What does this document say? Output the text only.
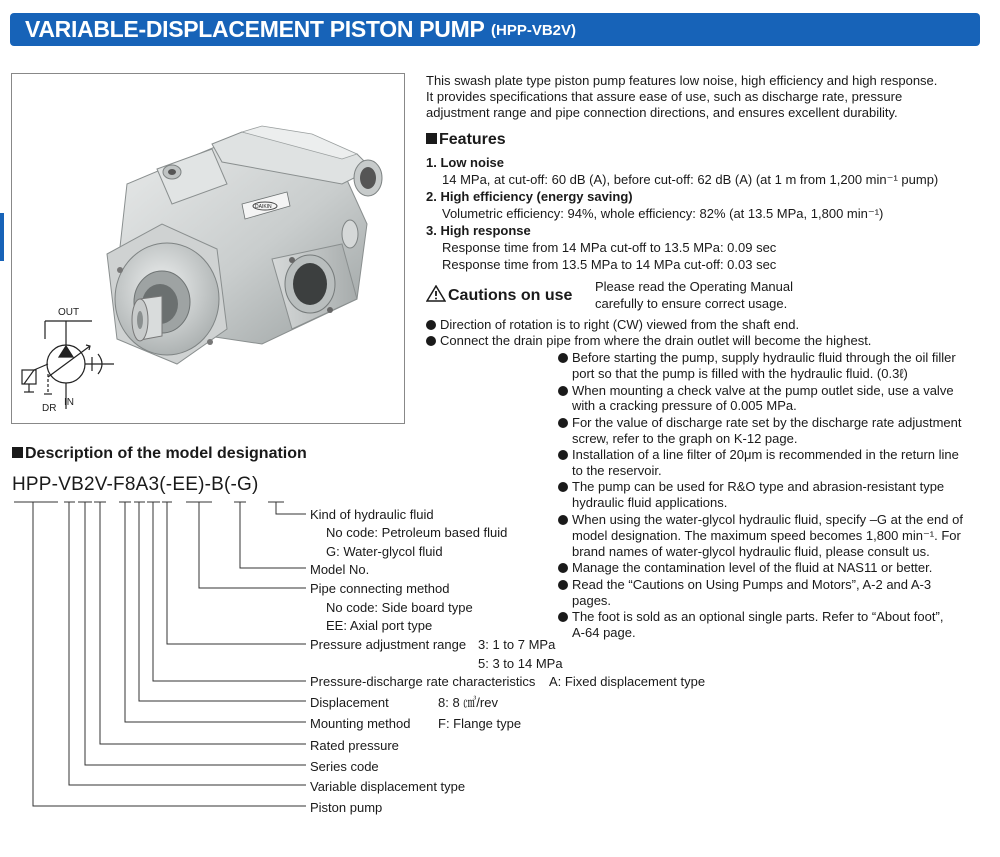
VARIABLE-DISPLACEMENT PISTON PUMP (HPP-VB2V)
OUT
IN
DR
DAIKIN
This swash plate type piston pump features low noise, high efficiency and high response.
It provides specifications that assure ease of use, such as discharge rate, pressure
adjustment range and pipe connection directions, and ensures excellent durability.
Features
1. Low noise
14 MPa, at cut-off: 60 dB (A), before cut-off: 62 dB (A) (at 1 m from 1,200 min⁻¹ pump)
2. High efficiency (energy saving)
Volumetric efficiency: 94%, whole efficiency: 82% (at 13.5 MPa, 1,800 min⁻¹)
3. High response
Response time from 14 MPa cut-off to 13.5 MPa: 0.09 sec
Response time from 13.5 MPa to 14 MPa cut-off: 0.03 sec
Cautions on use
Please read the Operating Manual
carefully to ensure correct usage.
Direction of rotation is to right (CW) viewed from the shaft end.
Connect the drain pipe from where the drain outlet will become the highest.
Before starting the pump, supply hydraulic fluid through the oil filler
port so that the pump is filled with the hydraulic fluid. (0.3ℓ)
When mounting a check valve at the pump outlet side, use a valve
with a cracking pressure of 0.005 MPa.
For the value of discharge rate set by the discharge rate adjustment
screw, refer to the graph on K-12 page.
Installation of a line filter of 20μm is recommended in the return line
to the reservoir.
The pump can be used for R&O type and abrasion-resistant type
hydraulic fluid applications.
When using the water-glycol hydraulic fluid, specify –G at the end of
model designation. The maximum speed becomes 1,800 min⁻¹. For
brand names of water-glycol hydraulic fluid, please consult us.
Manage the contamination level of the fluid at NAS11 or better.
Read the “Cautions on Using Pumps and Motors”, A-2 and A-3
pages.
The foot is sold as an optional single parts. Refer to “About foot”,
A-64 page.
Description of the model designation
HPP-VB2V-F8A3(-EE)-B(-G)
Kind of hydraulic fluid
No code: Petroleum based fluid
G: Water-glycol fluid
Model No.
Pipe connecting method
No code: Side board type
EE: Axial port type
Pressure adjustment range 3: 1 to 7 MPa
5: 3 to 14 MPa
Pressure-discharge rate characteristics A: Fixed displacement type
Displacement	8: 8 ㎤/rev
Mounting method F: Flange type
Rated pressure
Series code
Variable displacement type
Piston pump
